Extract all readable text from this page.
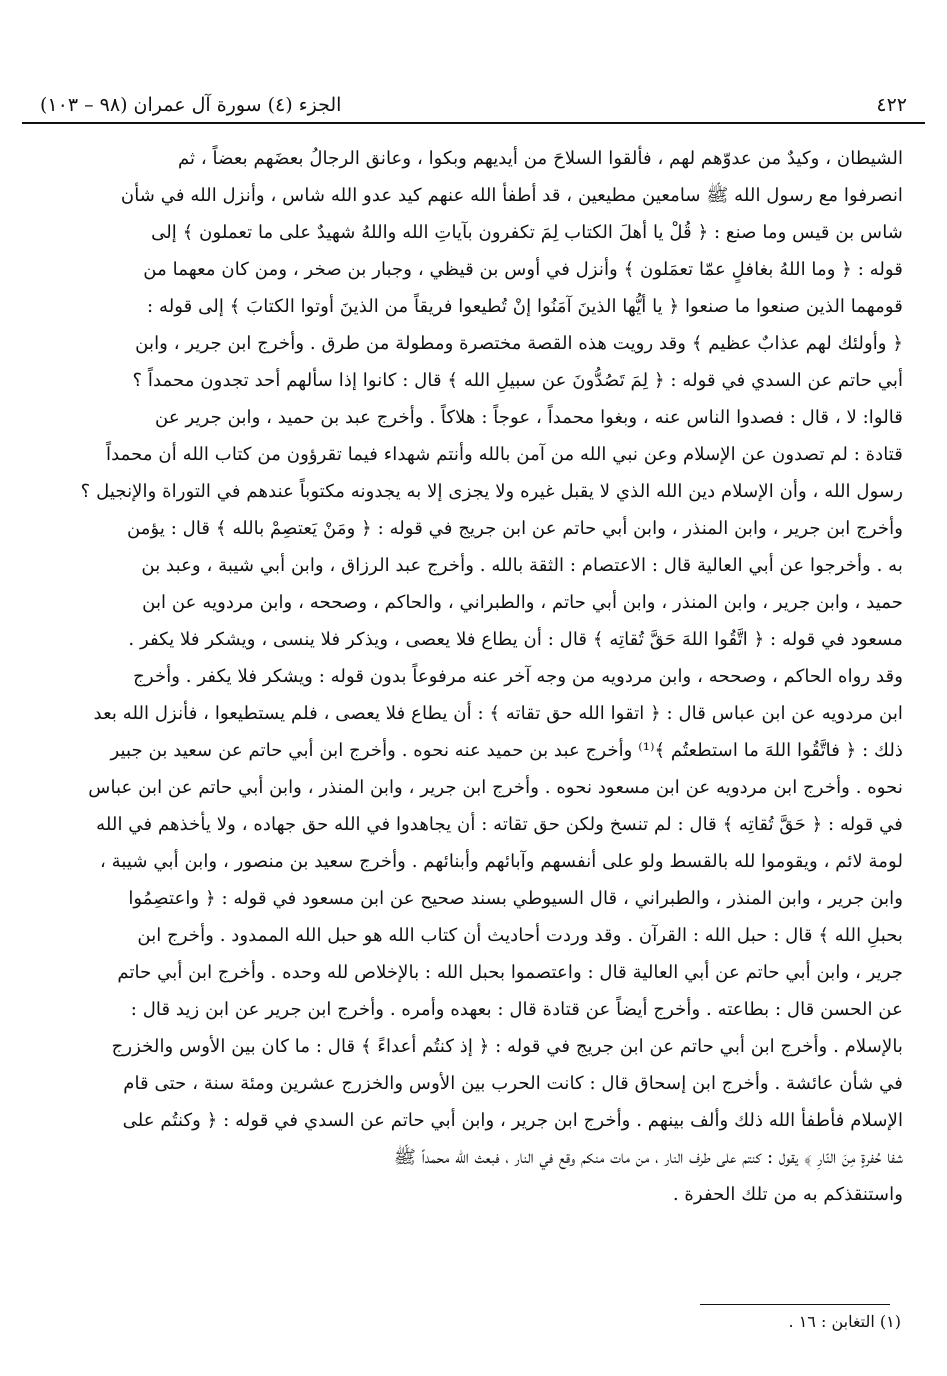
٤٢٢
الجزء (٤) سورة آل عمران (٩٨ – ١٠٣)
الشيطان ، وكيدٌ من عدوّهم لهم ، فألقوا السلاحَ من أيديهم وبكوا ، وعانق الرجالُ بعضَهم بعضاً ، ثم
انصرفوا مع رسول الله ﷺ سامعين مطيعين ، قد أطفأ الله عنهم كيد عدو الله شاس ، وأنزل الله في شأن
شاس بن قيس وما صنع : ﴿ قُلْ يا أهلَ الكتاب لِمَ تكفرون بآياتِ الله واللهُ شهيدٌ على ما تعملون ﴾ إلى
قوله : ﴿ وما اللهُ بغافلٍ عمّا تعمَلون ﴾ وأنزل في أوس بن قيظي ، وجبار بن صخر ، ومن كان معهما من
قومهما الذين صنعوا ما صنعوا ﴿ يا أيُّها الذينَ آمَنُوا إنْ تُطيعوا فريقاً من الذينَ أوتوا الكتابَ ﴾ إلى قوله :
﴿ وأولئك لهم عذابٌ عظيم ﴾ وقد رويت هذه القصة مختصرة ومطولة من طرق . وأخرج ابن جرير ، وابن
أبي حاتم عن السدي في قوله : ﴿ لِمَ تَصُدُّونَ عن سبيلِ الله ﴾ قال : كانوا إذا سألهم أحد تجدون محمداً ؟
قالوا: لا ، قال : فصدوا الناس عنه ، وبغوا محمداً ، عوجاً : هلاكاً . وأخرج عبد بن حميد ، وابن جرير عن
قتادة : لم تصدون عن الإسلام وعن نبي الله من آمن بالله وأنتم شهداء فيما تقرؤون من كتاب الله أن محمداً
رسول الله ، وأن الإسلام دين الله الذي لا يقبل غيره ولا يجزى إلا به يجدونه مكتوباً عندهم في التوراة والإنجيل ؟
وأخرج ابن جرير ، وابن المنذر ، وابن أبي حاتم عن ابن جريج في قوله : ﴿ ومَنْ يَعتصِمْ بالله ﴾ قال : يؤمن
به . وأخرجوا عن أبي العالية قال : الاعتصام : الثقة بالله . وأخرج عبد الرزاق ، وابن أبي شيبة ، وعبد بن
حميد ، وابن جرير ، وابن المنذر ، وابن أبي حاتم ، والطبراني ، والحاكم ، وصححه ، وابن مردويه عن ابن
مسعود في قوله : ﴿ اتَّقُوا اللهَ حَقَّ تُقاتِه ﴾ قال : أن يطاع فلا يعصى ، ويذكر فلا ينسى ، ويشكر فلا يكفر .
وقد رواه الحاكم ، وصححه ، وابن مردويه من وجه آخر عنه مرفوعاً بدون قوله : ويشكر فلا يكفر . وأخرج
ابن مردويه عن ابن عباس قال : ﴿ اتقوا الله حق تقاته ﴾ : أن يطاع فلا يعصى ، فلم يستطيعوا ، فأنزل الله بعد
ذلك : ﴿ فاتَّقُوا اللهَ ما استطعتُم ﴾⁽¹⁾ وأخرج عبد بن حميد عنه نحوه . وأخرج ابن أبي حاتم عن سعيد بن جبير
نحوه . وأخرج ابن مردويه عن ابن مسعود نحوه . وأخرج ابن جرير ، وابن المنذر ، وابن أبي حاتم عن ابن عباس
في قوله : ﴿ حَقَّ تُقاتِه ﴾ قال : لم تنسخ ولكن حق تقاته : أن يجاهدوا في الله حق جهاده ، ولا يأخذهم في الله
لومة لائم ، ويقوموا لله بالقسط ولو على أنفسهم وآبائهم وأبنائهم . وأخرج سعيد بن منصور ، وابن أبي شيبة ،
وابن جرير ، وابن المنذر ، والطبراني ، قال السيوطي بسند صحيح عن ابن مسعود في قوله : ﴿ واعتصِمُوا
بحبلِ الله ﴾ قال : حبل الله : القرآن . وقد وردت أحاديث أن كتاب الله هو حبل الله الممدود . وأخرج ابن
جرير ، وابن أبي حاتم عن أبي العالية قال : واعتصموا بحبل الله : بالإخلاص لله وحده . وأخرج ابن أبي حاتم
عن الحسن قال : بطاعته . وأخرج أيضاً عن قتادة قال : بعهده وأمره . وأخرج ابن جرير عن ابن زيد قال :
بالإسلام . وأخرج ابن أبي حاتم عن ابن جريج في قوله : ﴿ إذ كنتُم أعداءً ﴾ قال : ما كان بين الأوس والخزرج
في شأن عائشة . وأخرج ابن إسحاق قال : كانت الحرب بين الأوس والخزرج عشرين ومئة سنة ، حتى قام
الإسلام فأطفأ الله ذلك وألف بينهم . وأخرج ابن جرير ، وابن أبي حاتم عن السدي في قوله : ﴿ وكنتُم على
شفا حُفرةٍ مِنَ النّارِ ﴾ يقول : كنتم على طرف النار ، من مات منكم وقع في النار ، فبعث الله محمداً ﷺ
واستنقذكم به من تلك الحفرة .
(١) التغابن : ١٦ .
